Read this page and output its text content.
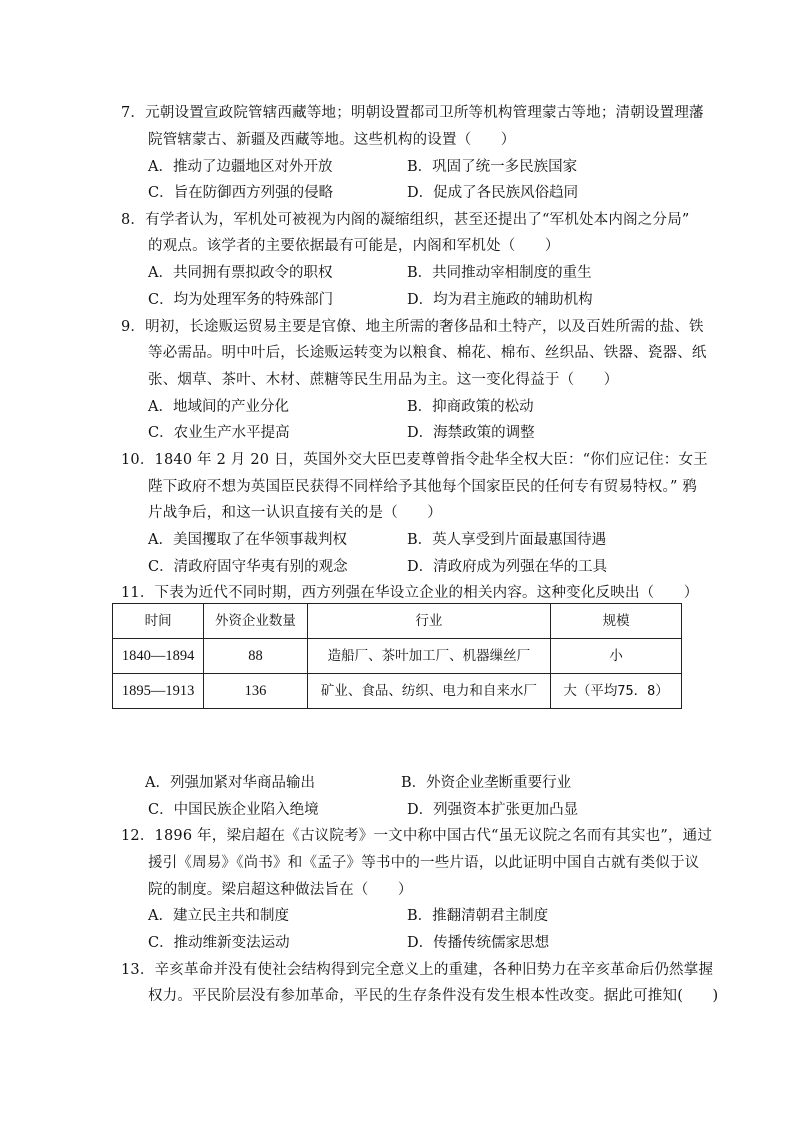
7．元朝设置宣政院管辖西藏等地；明朝设置都司卫所等机构管理蒙古等地；清朝设置理藩
院管辖蒙古、新疆及西藏等地。这些机构的设置（　　）
A．推动了边疆地区对外开放	B．巩固了统一多民族国家
C．旨在防御西方列强的侵略	D．促成了各民族风俗趋同
8．有学者认为，军机处可被视为内阁的凝缩组织，甚至还提出了“军机处本内阁之分局”
的观点。该学者的主要依据最有可能是，内阁和军机处（　　）
A．共同拥有票拟政令的职权	B．共同推动宰相制度的重生
C．均为处理军务的特殊部门	D．均为君主施政的辅助机构
9．明初，长途贩运贸易主要是官僚、地主所需的奢侈品和土特产，以及百姓所需的盐、铁
等必需品。明中叶后，长途贩运转变为以粮食、棉花、棉布、丝织品、铁器、瓷器、纸
张、烟草、茶叶、木材、蔗糖等民生用品为主。这一变化得益于（　　）
A．地域间的产业分化	B．抑商政策的松动
C．农业生产水平提高	D．海禁政策的调整
10．1840 年 2 月 20 日，英国外交大臣巴麦尊曾指令赴华全权大臣：“你们应记住：女王
陛下政府不想为英国臣民获得不同样给予其他每个国家臣民的任何专有贸易特权。” 鸦
片战争后，和这一认识直接有关的是（　　）
A．美国攫取了在华领事裁判权	B．英人享受到片面最惠国待遇
C．清政府固守华夷有别的观念	D．清政府成为列强在华的工具
11．下表为近代不同时期，西方列强在华设立企业的相关内容。这种变化反映出（　　）
时间	外资企业数量	行业	规模
1840—1894	88	造船厂、茶叶加工厂、机器缫丝厂	小
1895—1913	136	矿业、食品、纺织、电力和自来水厂	大（平均75．8）
A．列强加紧对华商品输出	B．外资企业垄断重要行业
C．中国民族企业陷入绝境	D．列强资本扩张更加凸显
12．1896 年，梁启超在《古议院考》一文中称中国古代“虽无议院之名而有其实也”，通过
援引《周易》《尚书》和《孟子》等书中的一些片语，以此证明中国自古就有类似于议
院的制度。梁启超这种做法旨在（　　）
A．建立民主共和制度	B．推翻清朝君主制度
C．推动维新变法运动	D．传播传统儒家思想
13．辛亥革命并没有使社会结构得到完全意义上的重建，各种旧势力在辛亥革命后仍然掌握
权力。平民阶层没有参加革命，平民的生存条件没有发生根本性改变。据此可推知(　　)
